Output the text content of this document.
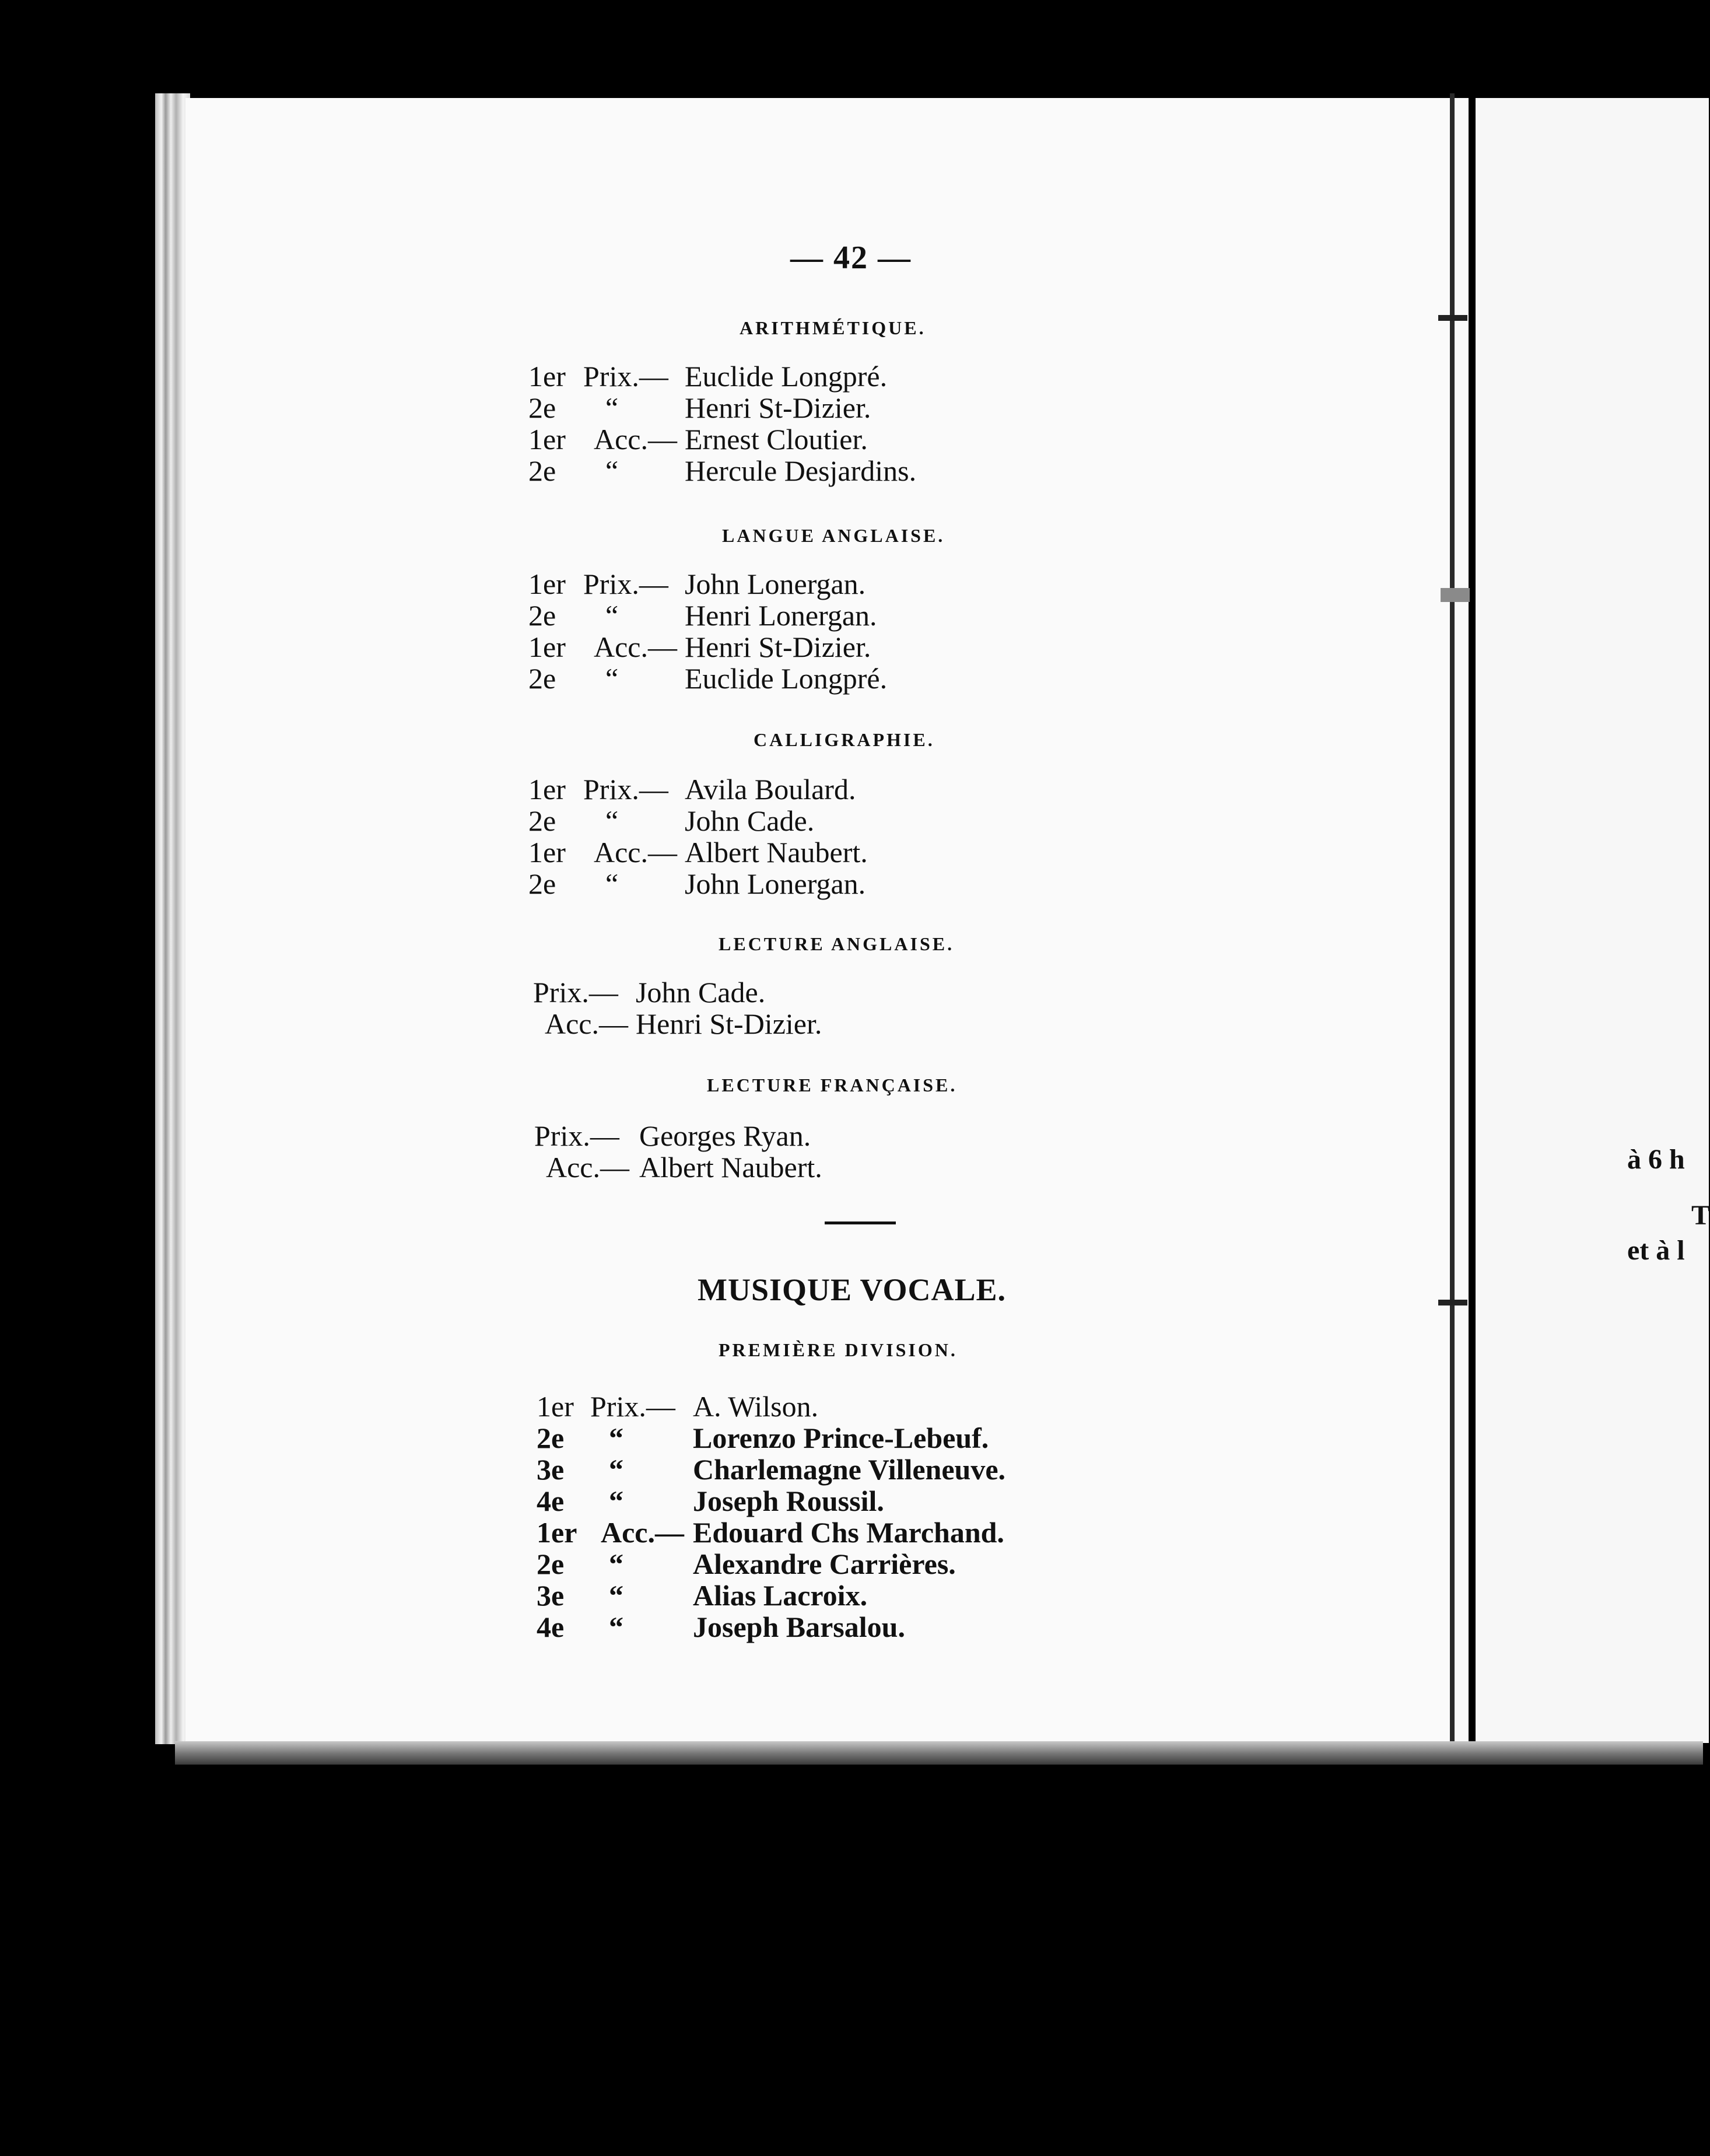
— 42 —
ARITHMÉTIQUE.
1er Prix.— Euclide Longpré.
2e “ Henri St-Dizier.
1er Acc.— Ernest Cloutier.
2e “ Hercule Desjardins.
LANGUE ANGLAISE.
1er Prix.— John Lonergan.
2e “ Henri Lonergan.
1er Acc.— Henri St-Dizier.
2e “ Euclide Longpré.
CALLIGRAPHIE.
1er Prix.— Avila Boulard.
2e “ John Cade.
1er Acc.— Albert Naubert.
2e “ John Lonergan.
LECTURE ANGLAISE.
Prix.— John Cade.
Acc.— Henri St-Dizier.
LECTURE FRANÇAISE.
Prix.— Georges Ryan.
Acc.— Albert Naubert.
MUSIQUE VOCALE.
PREMIÈRE DIVISION.
1er Prix.— A. Wilson.
2e “ Lorenzo Prince-Lebeuf.
3e “ Charlemagne Villeneuve.
4e “ Joseph Roussil.
1er Acc.— Edouard Chs Marchand.
2e “ Alexandre Carrières.
3e “ Alias Lacroix.
4e “ Joseph Barsalou.
à 6 h
T
et à l
